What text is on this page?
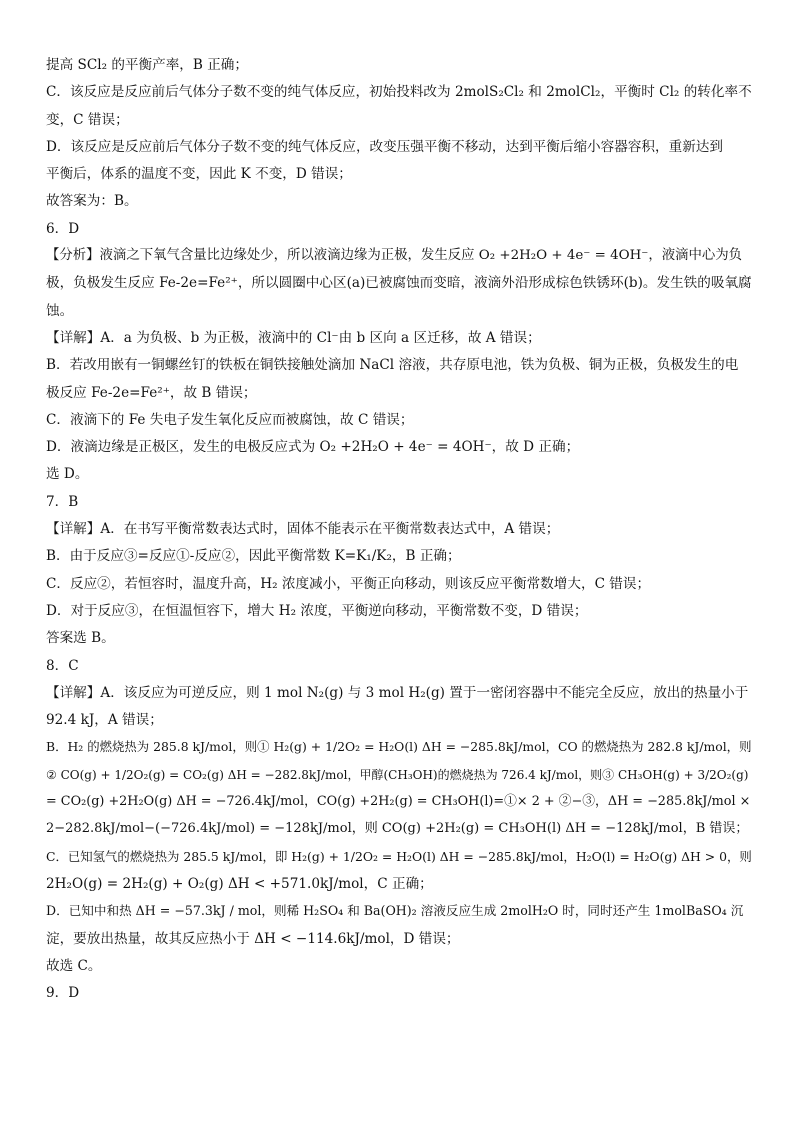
提高 SCl₂ 的平衡产率，B 正确；
C．该反应是反应前后气体分子数不变的纯气体反应，初始投料改为 2molS₂Cl₂ 和 2molCl₂，平衡时 Cl₂ 的转化率不
变，C 错误；
D．该反应是反应前后气体分子数不变的纯气体反应，改变压强平衡不移动，达到平衡后缩小容器容积，重新达到
平衡后，体系的温度不变，因此 K 不变，D 错误；
故答案为：B。
6．D
【分析】液滴之下氧气含量比边缘处少，所以液滴边缘为正极，发生反应 O₂ +2H₂O + 4e⁻ = 4OH⁻，液滴中心为负
极，负极发生反应 Fe-2e=Fe²⁺，所以圆圈中心区(a)已被腐蚀而变暗，液滴外沿形成棕色铁锈环(b)。发生铁的吸氧腐
蚀。
【详解】A．a 为负极、b 为正极，液滴中的 Cl⁻由 b 区向 a 区迁移，故 A 错误；
B．若改用嵌有一铜螺丝钉的铁板在铜铁接触处滴加 NaCl 溶液，共存原电池，铁为负极、铜为正极，负极发生的电
极反应 Fe-2e=Fe²⁺，故 B 错误；
C．液滴下的 Fe 失电子发生氧化反应而被腐蚀，故 C 错误；
D．液滴边缘是正极区，发生的电极反应式为 O₂ +2H₂O + 4e⁻ = 4OH⁻，故 D 正确；
选 D。
7．B
【详解】A．在书写平衡常数表达式时，固体不能表示在平衡常数表达式中，A 错误；
B．由于反应③=反应①-反应②，因此平衡常数 K=K₁/K₂，B 正确；
C．反应②，若恒容时，温度升高，H₂ 浓度减小，平衡正向移动，则该反应平衡常数增大，C 错误；
D．对于反应③，在恒温恒容下，增大 H₂ 浓度，平衡逆向移动，平衡常数不变，D 错误；
答案选 B。
8．C
【详解】A．该反应为可逆反应，则 1 mol N₂(g) 与 3 mol H₂(g) 置于一密闭容器中不能完全反应，放出的热量小于
92.4 kJ，A 错误；
B．H₂ 的燃烧热为 285.8 kJ/mol，则① H₂(g) + 1/2O₂ = H₂O(l) ΔH = −285.8kJ/mol，CO 的燃烧热为 282.8 kJ/mol，则
② CO(g) + 1/2O₂(g) = CO₂(g) ΔH = −282.8kJ/mol，甲醇(CH₃OH)的燃烧热为 726.4 kJ/mol，则③ CH₃OH(g) + 3/2O₂(g)
= CO₂(g) +2H₂O(g) ΔH = −726.4kJ/mol，CO(g) +2H₂(g) = CH₃OH(l)=①× 2 + ②−③，ΔH = −285.8kJ/mol ×
2−282.8kJ/mol−(−726.4kJ/mol) = −128kJ/mol，则 CO(g) +2H₂(g) = CH₃OH(l) ΔH = −128kJ/mol，B 错误；
C．已知氢气的燃烧热为 285.5 kJ/mol，即 H₂(g) + 1/2O₂ = H₂O(l) ΔH = −285.8kJ/mol，H₂O(l) = H₂O(g) ΔH > 0，则
2H₂O(g) = 2H₂(g) + O₂(g) ΔH < +571.0kJ/mol，C 正确；
D．已知中和热 ΔH = −57.3kJ / mol，则稀 H₂SO₄ 和 Ba(OH)₂ 溶液反应生成 2molH₂O 时，同时还产生 1molBaSO₄ 沉
淀，要放出热量，故其反应热小于 ΔH < −114.6kJ/mol，D 错误；
故选 C。
9．D
